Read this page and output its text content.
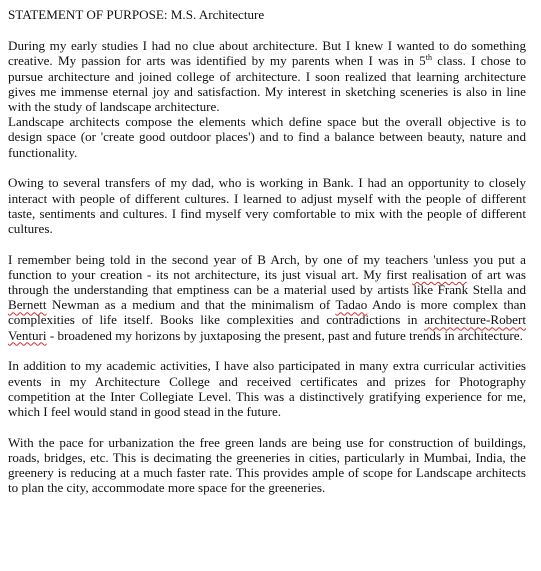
STATEMENT OF PURPOSE: M.S. Architecture

During my early studies I had no clue about architecture. But I knew I wanted to do something creative. My passion for arts was identified by my parents when I was in 5th class. I chose to pursue architecture and joined college of architecture. I soon realized that learning architecture gives me immense eternal joy and satisfaction. My interest in sketching sceneries is also in line with the study of landscape architecture.

Landscape architects compose the elements which define space but the overall objective is to design space (or 'create good outdoor places') and to find a balance between beauty, nature and functionality.

Owing to several transfers of my dad, who is working in Bank. I had an opportunity to closely interact with people of different cultures. I learned to adjust myself with the people of different taste, sentiments and cultures. I find myself very comfortable to mix with the people of different cultures.

I remember being told in the second year of B Arch, by one of my teachers 'unless you put a function to your creation - its not architecture, its just visual art. My first realisation of art was through the understanding that emptiness can be a material used by artists like Frank Stella and Bernett Newman as a medium and that the minimalism of Tadao Ando is more complex than complexities of life itself. Books like complexities and contradictions in architecture-Robert Venturi - broadened my horizons by juxtaposing the present, past and future trends in architecture.

In addition to my academic activities, I have also participated in many extra curricular activities events in my Architecture College and received certificates and prizes for Photography competition at the Inter Collegiate Level. This was a distinctively gratifying experience for me, which I feel would stand in good stead in the future.

With the pace for urbanization the free green lands are being use for construction of buildings, roads, bridges, etc. This is decimating the greeneries in cities, particularly in Mumbai, India, the greenery is reducing at a much faster rate. This provides ample of scope for Landscape architects to plan the city, accommodate more space for the greeneries.
